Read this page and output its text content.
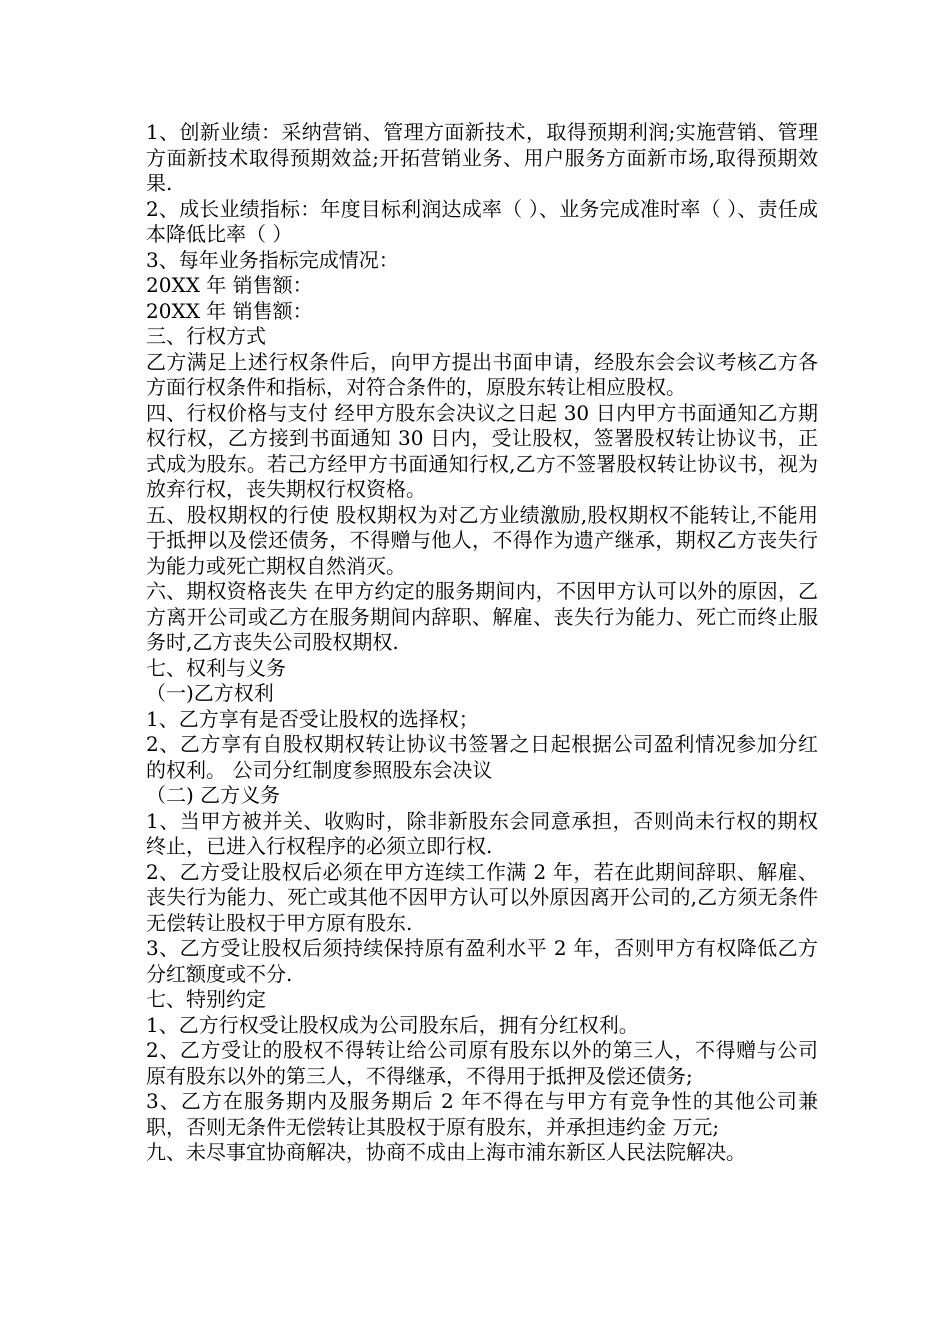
1、创新业绩：采纳营销、管理方面新技术，取得预期利润;实施营销、管理方面新技术取得预期效益;开拓营销业务、用户服务方面新市场,取得预期效果.

2、成长业绩指标：年度目标利润达成率（ ）、业务完成准时率（ ）、责任成本降低比率（ ）

3、每年业务指标完成情况：

20XX 年 销售额：

20XX 年 销售额：

三、行权方式

乙方满足上述行权条件后，向甲方提出书面申请，经股东会会议考核乙方各方面行权条件和指标，对符合条件的，原股东转让相应股权。

四、行权价格与支付 经甲方股东会决议之日起 30 日内甲方书面通知乙方期权行权，乙方接到书面通知 30 日内，受让股权，签署股权转让协议书，正式成为股东。若己方经甲方书面通知行权,乙方不签署股权转让协议书，视为放弃行权，丧失期权行权资格。

五、股权期权的行使 股权期权为对乙方业绩激励,股权期权不能转让,不能用于抵押以及偿还债务，不得赠与他人，不得作为遗产继承，期权乙方丧失行为能力或死亡期权自然消灭。

六、期权资格丧失 在甲方约定的服务期间内，不因甲方认可以外的原因，乙方离开公司或乙方在服务期间内辞职、解雇、丧失行为能力、死亡而终止服务时,乙方丧失公司股权期权.

七、权利与义务

（一)乙方权利

1、乙方享有是否受让股权的选择权；

2、乙方享有自股权期权转让协议书签署之日起根据公司盈利情况参加分红的权利。 公司分红制度参照股东会决议

（二) 乙方义务

1、当甲方被并关、收购时，除非新股东会同意承担，否则尚未行权的期权终止，已进入行权程序的必须立即行权.

2、乙方受让股权后必须在甲方连续工作满 2 年，若在此期间辞职、解雇、丧失行为能力、死亡或其他不因甲方认可以外原因离开公司的,乙方须无条件无偿转让股权于甲方原有股东.

3、乙方受让股权后须持续保持原有盈利水平 2 年，否则甲方有权降低乙方分红额度或不分.

七、特别约定

1、乙方行权受让股权成为公司股东后，拥有分红权利。

2、乙方受让的股权不得转让给公司原有股东以外的第三人，不得赠与公司原有股东以外的第三人，不得继承，不得用于抵押及偿还债务;

3、乙方在服务期内及服务期后 2 年不得在与甲方有竞争性的其他公司兼职，否则无条件无偿转让其股权于原有股东，并承担违约金 万元;

九、未尽事宜协商解决，协商不成由上海市浦东新区人民法院解决。
